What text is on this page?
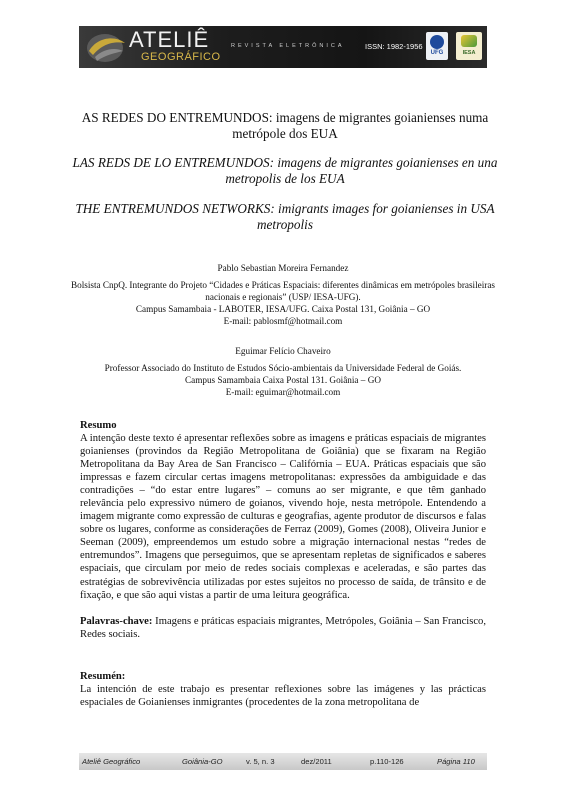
ATELIÊ
GEOGRÁFICO
REVISTA ELETRÔNICA	ISSN: 1982-1956
UFG	IESA
AS REDES DO ENTREMUNDOS: imagens de migrantes goianienses numa metrópole dos EUA
LAS REDS DE LO ENTREMUNDOS: imagens de migrantes goianienses en una metropolis de los EUA
THE ENTREMUNDOS NETWORKS: imigrants images for goianienses in USA metropolis
Pablo Sebastian Moreira Fernandez
Bolsista CnpQ. Integrante do Projeto “Cidades e Práticas Espaciais: diferentes dinâmicas em metrópoles brasileiras nacionais e regionais” (USP/ IESA-UFG).
Campus Samambaia - LABOTER, IESA/UFG. Caixa Postal 131, Goiânia – GO
E-mail: pablosmf@hotmail.com
Eguimar Felício Chaveiro
Professor Associado do Instituto de Estudos Sócio-ambientais da Universidade Federal de Goiás.
Campus Samambaia Caixa Postal 131. Goiânia – GO
E-mail: eguimar@hotmail.com
Resumo
A intenção deste texto é apresentar reflexões sobre as imagens e práticas espaciais de migrantes goianienses (provindos da Região Metropolitana de Goiânia) que se fixaram na Região Metropolitana da Bay Area de San Francisco – Califórnia – EUA. Práticas espaciais que são impressas e fazem circular certas imagens metropolitanas: expressões da ambiguidade e das contradições – “do estar entre lugares” – comuns ao ser migrante, e que têm ganhado relevância pelo expressivo número de goianos, vivendo hoje, nesta metrópole. Entendendo a imagem migrante como expressão de culturas e geografias, agente produtor de discursos e falas sobre os lugares, conforme as considerações de Ferraz (2009), Gomes (2008), Oliveira Junior e Seeman (2009), empreendemos um estudo sobre a migração internacional nestas “redes de entremundos”. Imagens que perseguimos, que se apresentam repletas de significados e saberes espaciais, que circulam por meio de redes sociais complexas e aceleradas, e são partes das estratégias de sobrevivência utilizadas por estes sujeitos no processo de saída, de trânsito e de fixação, e que são aqui vistas a partir de uma leitura geográfica.
Palavras-chave: Imagens e práticas espaciais migrantes, Metrópoles, Goiânia – San Francisco, Redes sociais.
Resumén:
La intención de este trabajo es presentar reflexiones sobre las imágenes y las prácticas espaciales de Goianienses inmigrantes (procedentes de la zona metropolitana de
Ateliê Geográfico	Goiânia-GO	v. 5, n. 3	dez/2011	p.110-126	Página 110
